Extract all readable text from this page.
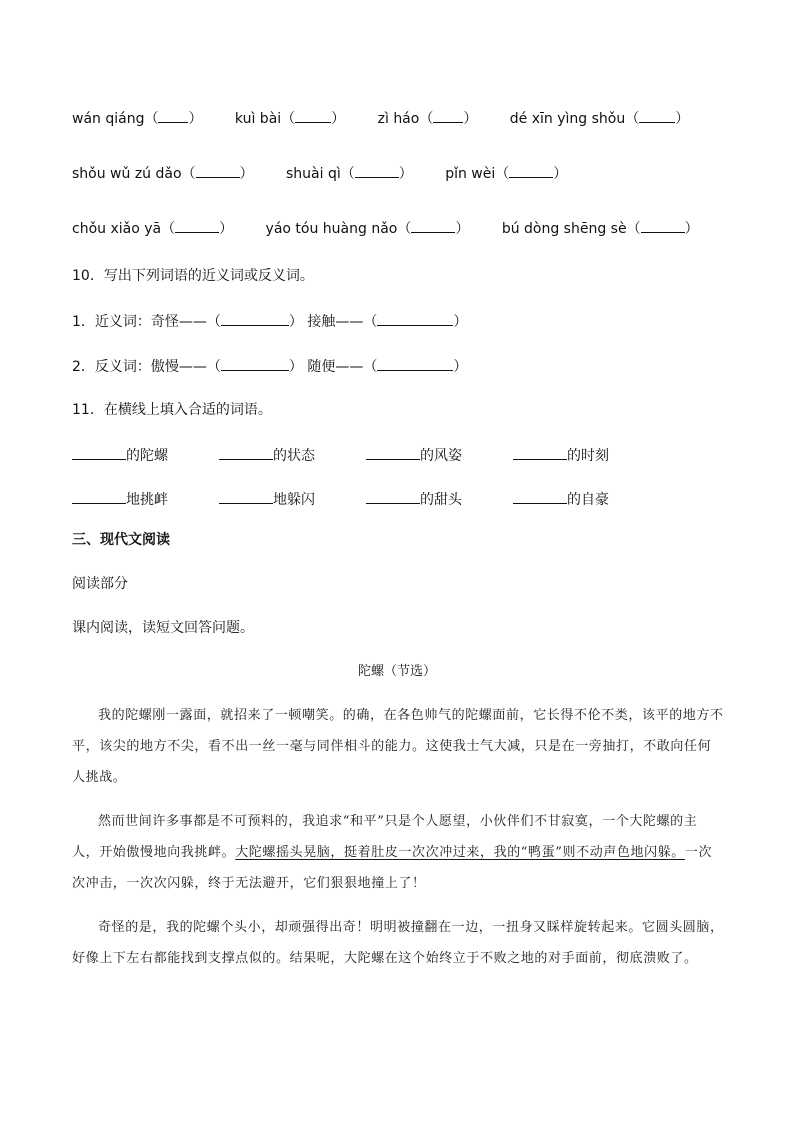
wán qiáng（ ） kuì bài（	） zì háo（ ） dé xīn yìng shǒu（	）
shǒu wǔ zú dǎo（	） shuài qì（	） pǐn wèi（	）
chǒu xiǎo yā（	） yáo tóu huàng nǎo（	） bú dòng shēng sè（	）
10．写出下列词语的近义词或反义词。
1．近义词：奇怪——（	） 接触——（	）
2．反义词：傲慢——（	） 随便——（	）
11．在横线上填入合适的词语。
的陀螺	的状态	的风姿	的时刻
地挑衅	地躲闪	的甜头	的自豪
三、现代文阅读
阅读部分
课内阅读，读短文回答问题。
陀螺（节选）
我的陀螺刚一露面，就招来了一顿嘲笑。的确，在各色帅气的陀螺面前，它长得不伦不类，该平的地方不平，该尖的地方不尖，看不出一丝一毫与同伴相斗的能力。这使我士气大减，只是在一旁抽打，不敢向任何人挑战。
然而世间许多事都是不可预料的，我追求“和平”只是个人愿望，小伙伴们不甘寂寞，一个大陀螺的主人，开始傲慢地向我挑衅。大陀螺摇头晃脑，挺着肚皮一次次冲过来，我的“鸭蛋”则不动声色地闪躲。一次次冲击，一次次闪躲，终于无法避开，它们狠狠地撞上了！
奇怪的是，我的陀螺个头小，却顽强得出奇！明明被撞翻在一边，一扭身又睬样旋转起来。它圆头圆脑，好像上下左右都能找到支撑点似的。结果呢，大陀螺在这个始终立于不败之地的对手面前，彻底溃败了。
